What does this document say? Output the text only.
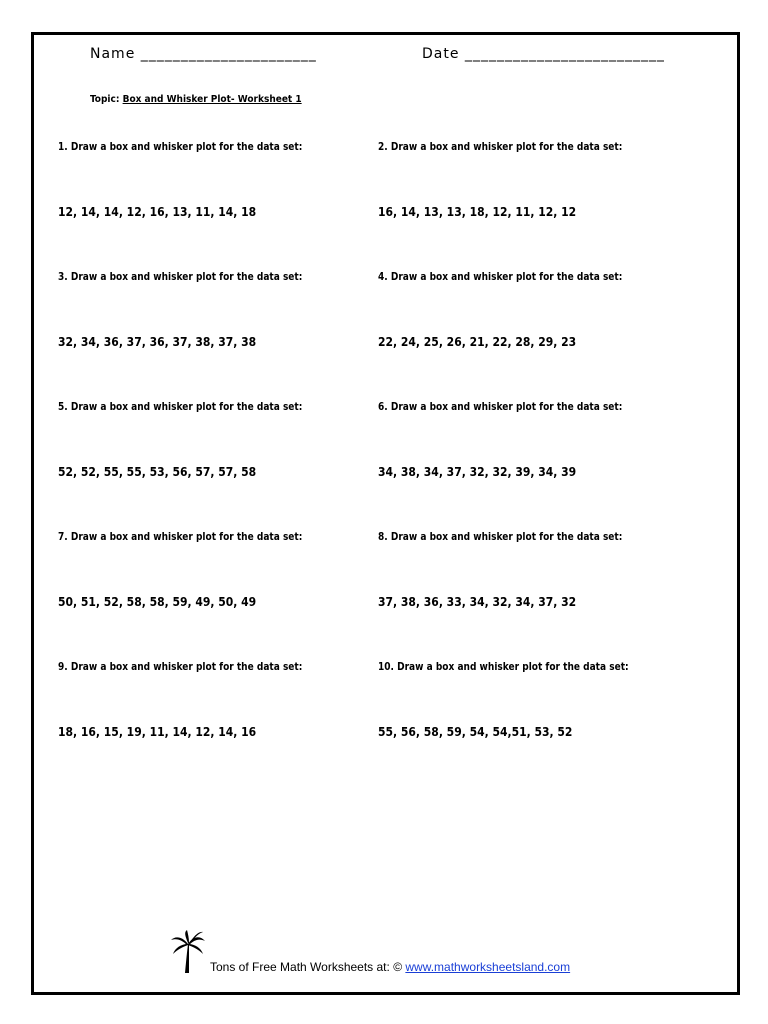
Name ______________________	Date _________________________
Topic: Box and Whisker Plot- Worksheet 1
1. Draw a box and whisker plot for the data set:
12, 14, 14, 12, 16, 13, 11, 14, 18
2. Draw a box and whisker plot for the data set:
16, 14, 13, 13, 18, 12, 11, 12, 12
3. Draw a box and whisker plot for the data set:
32, 34, 36, 37, 36, 37, 38, 37, 38
4. Draw a box and whisker plot for the data set:
22, 24, 25, 26, 21, 22, 28, 29, 23
5. Draw a box and whisker plot for the data set:
52, 52, 55, 55, 53, 56, 57, 57, 58
6. Draw a box and whisker plot for the data set:
34, 38, 34, 37, 32, 32, 39, 34, 39
7. Draw a box and whisker plot for the data set:
50, 51, 52, 58, 58, 59, 49, 50, 49
8. Draw a box and whisker plot for the data set:
37, 38, 36, 33, 34, 32, 34, 37, 32
9. Draw a box and whisker plot for the data set:
18, 16, 15, 19, 11, 14, 12, 14, 16
10. Draw a box and whisker plot for the data set:
55, 56, 58, 59, 54, 54,51, 53, 52
Tons of Free Math Worksheets at: © www.mathworksheetsland.com
